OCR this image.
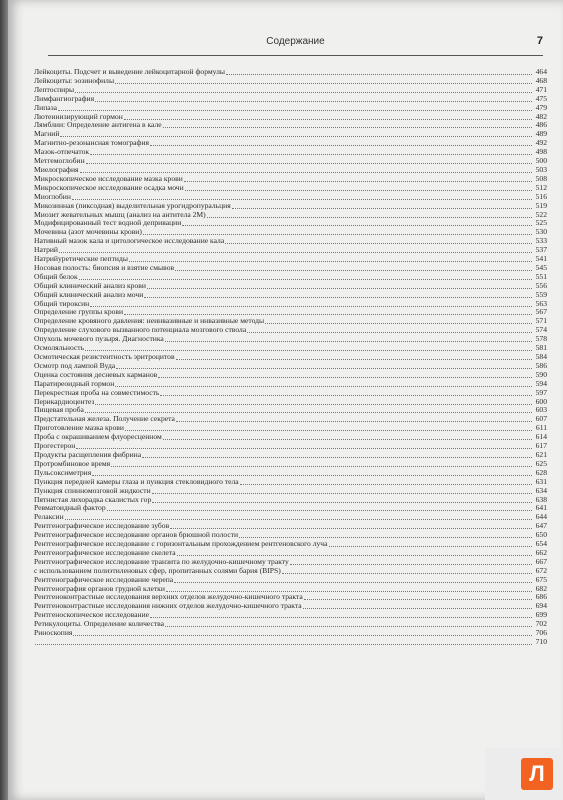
Содержание	7
Лейкоциты. Подсчет и выведение лейкоцитарной формулы	464
Лейкоциты: эозинофилы	468
Лептоспиры	471
Лимфангиография	475
Липаза	479
Лютеинизирующий гормон	482
Лямблии: Определение антигена в кале	486
Магний	489
Магнитно-резонансная томография	492
Мазок-отпечаток	498
Метгемоглобин	500
Миелография	503
Микроскопическое исследование мазка крови	508
Микроскопическое исследование осадка мочи	512
Миоглобин	516
Микозинная (пиксодная) выделительная урогидропуральция	519
Миозит жевательных мышц (анализ на антитела 2М)	522
Модифицированный тест водной депривации	525
Мочевина (азот мочевины крови)	530
Нативный мазок кала и цитологическое исследование кала	533
Натрий	537
Натрийуретические пептиды	541
Носовая полость: биопсия и взятие смывов	545
Общий белок	551
Общий клинический анализ крови	556
Общий клинический анализ мочи	559
Общий тироксин	563
Определение группы крови	567
Определение кровяного давления: неинвазивные и инвазивные методы	571
Определение слухового вызванного потенциала мозгового ствола	574
Опухоль мочевого пузыря. Диагностика	578
Осмоляльность	581
Осмотическая резистентность эритроцитов	584
Осмотр под лампой Вуда	586
Оценка состояния десневых карманов	590
Паратиреоидный гормон	594
Перекрестная проба на совместимость	597
Перикардиоцентез	600
Пищевая проба	603
Предстательная железа. Получение секрета	607
Приготовление мазка крови	611
Проба с окрашиванием флуоресцеином	614
Прогестерон	617
Продукты расщепления фибрина	621
Протромбиновое время	625
Пульсоксиметрия	628
Пункция передней камеры глаза и пункция стекловидного тела	631
Пункция спинномозговой жидкости	634
Пятнистая лихорадка скалистых гор	638
Ревматоидный фактор	641
Релаксин	644
Рентгенографическое исследование зубов	647
Рентгенографическое исследование органов брюшной полости	650
Рентгенографическое исследование с горизонтальным прохождением рентгеновского луча	654
Рентгенографическое исследование скелета	662
Рентгенографическое исследование транзита по желудочно-кишечному тракту	667
с использованием полиэтиленовых сфер, пропитанных солями бария (BIPS)	672
Рентгенографическое исследование черепа	675
Рентгенография органов грудной клетки	682
Рентгеноконтрастные исследования верхних отделов желудочно-кишечного тракта	686
Рентгеноконтрастные исследования нижних отделов желудочно-кишечного тракта	694
Рентгеноскопическое исследование	699
Ретикулоциты. Определение количества	702
Риноскопия	706
710
Л
